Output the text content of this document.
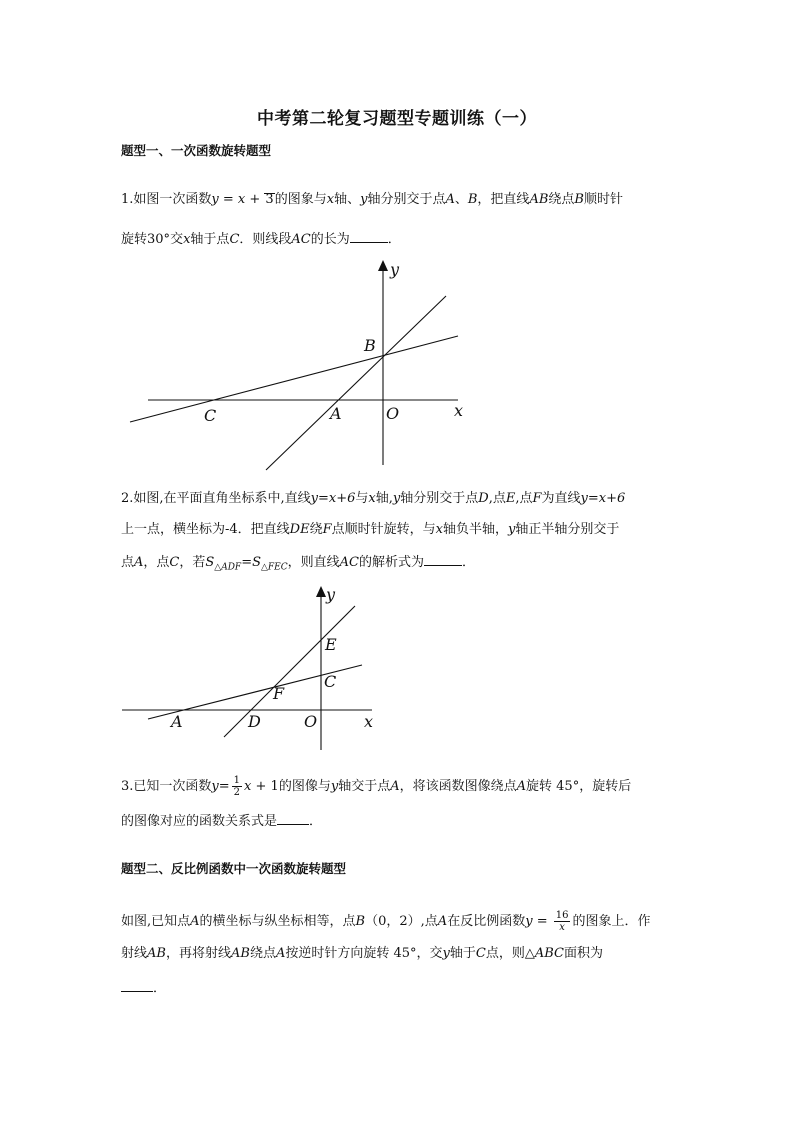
中考第二轮复习题型专题训练（一）
题型一、一次函数旋转题型
1.如图一次函数y = x + 3的图象与x轴、y轴分别交于点A、B，把直线AB绕点B顺时针
旋转30°交x轴于点C．则线段AC的长为	．
y
x
B
C	A	O
2.如图,在平面直角坐标系中,直线y=x+6与x轴,y轴分别交于点D,点E,点F为直线y=x+6
上一点，横坐标为-4．把直线DE绕F点顺时针旋转，与x轴负半轴，y轴正半轴分别交于
点A，点C，若$S_{\triangle ADF}=S_{\triangle FEC}$，则直线AC的解析式为	．
y
x
E
C
F
A	D	O
3.已知一次函数$y= \frac{1}{2}$ x + 1的图像与y轴交于点A，将该函数图像绕点A旋转 45°，旋转后
的图像对应的函数关系式是 ．
题型二、反比例函数中一次函数旋转题型
如图,已知点A的横坐标与纵坐标相等，点B（0，2）,点A在反比例函数$y = \frac{16}{x}$ 的图象上．作
射线AB，再将射线AB绕点A按逆时针方向旋转 45°，交y轴于C点，则△ABC面积为
．
